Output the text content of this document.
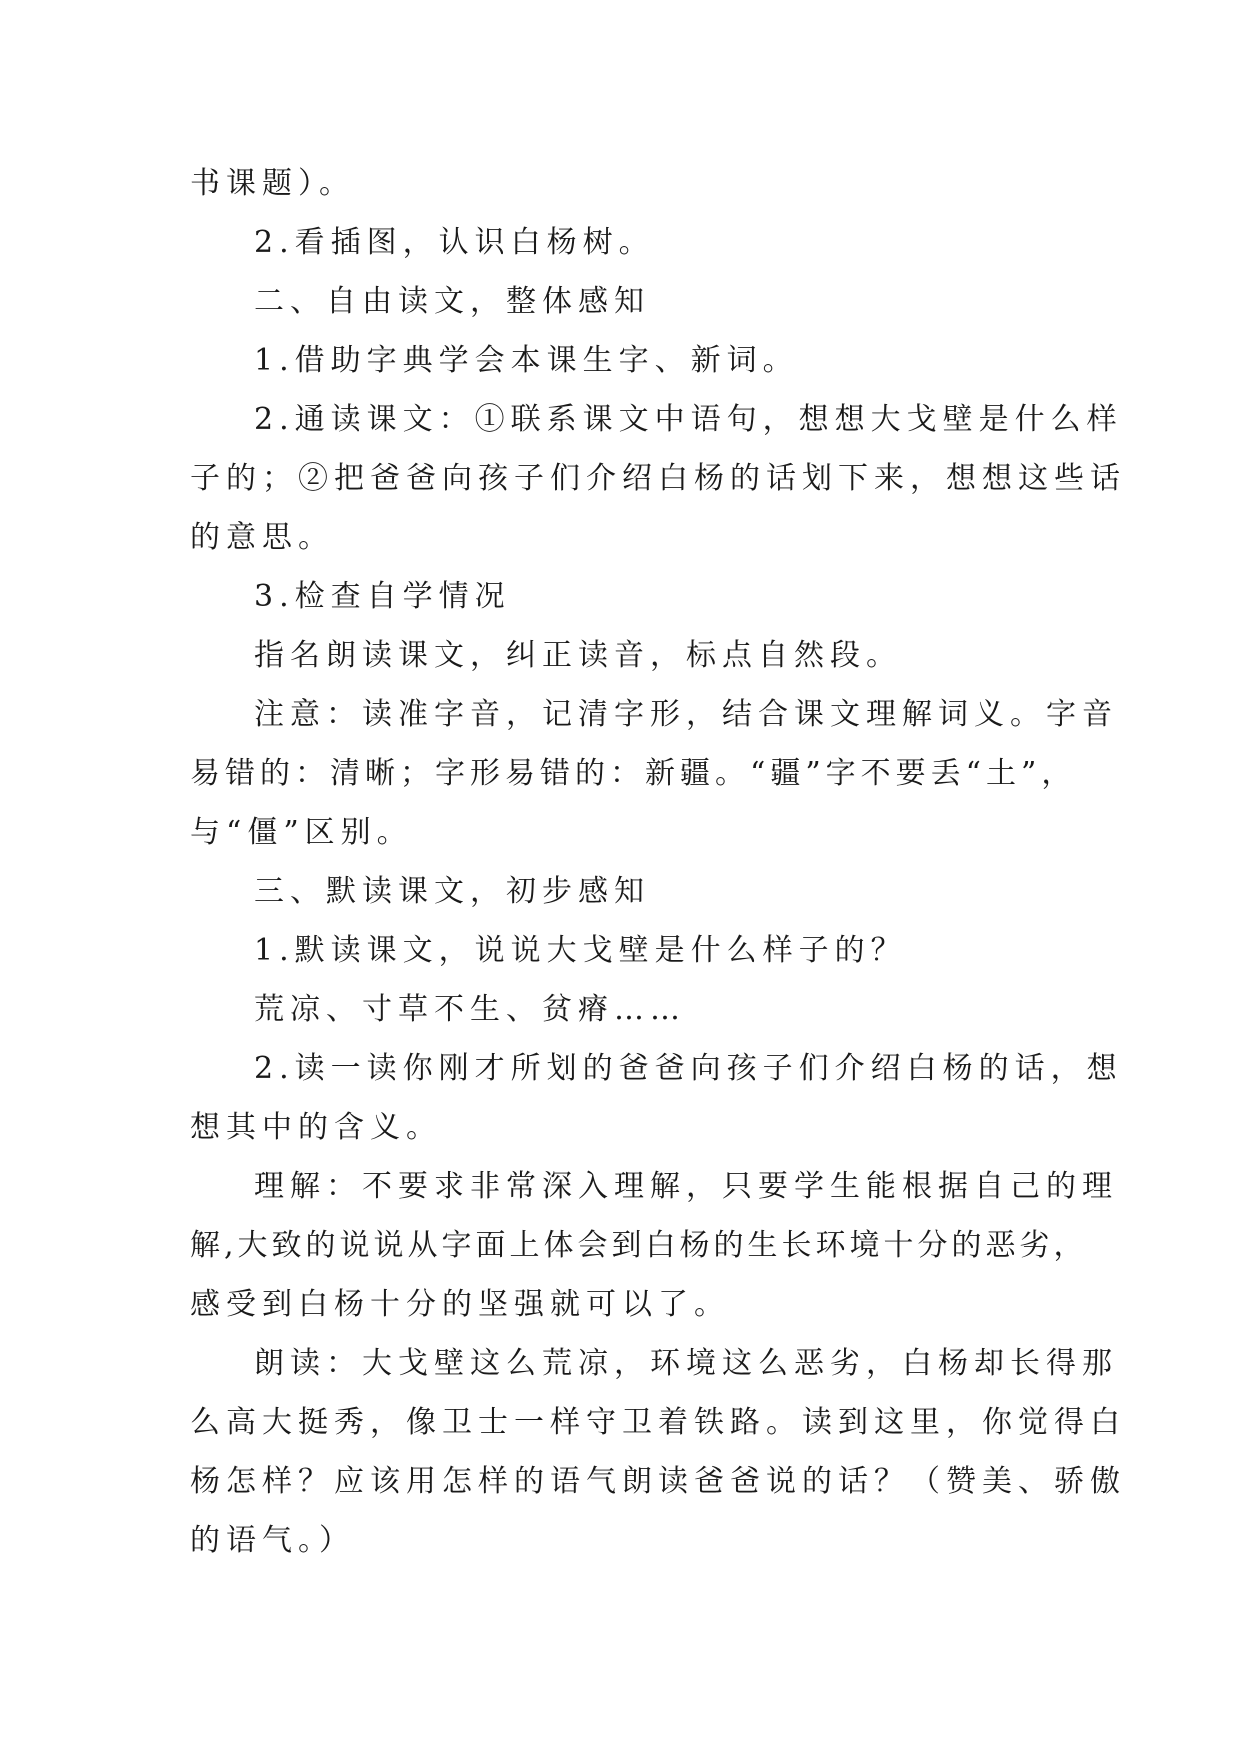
书课题）。
2.看插图，认识白杨树。
二、自由读文，整体感知
1.借助字典学会本课生字、新词。
2.通读课文：①联系课文中语句，想想大戈壁是什么样
子的；②把爸爸向孩子们介绍白杨的话划下来，想想这些话
的意思。
3.检查自学情况
指名朗读课文，纠正读音，标点自然段。
注意：读准字音，记清字形，结合课文理解词义。字音
易错的：清晰；字形易错的：新疆。“疆”字不要丢“土”，
与“僵”区别。
三、默读课文，初步感知
1.默读课文，说说大戈壁是什么样子的？
荒凉、寸草不生、贫瘠……
2.读一读你刚才所划的爸爸向孩子们介绍白杨的话，想
想其中的含义。
理解：不要求非常深入理解，只要学生能根据自己的理
解,大致的说说从字面上体会到白杨的生长环境十分的恶劣，
感受到白杨十分的坚强就可以了。
朗读：大戈壁这么荒凉，环境这么恶劣，白杨却长得那
么高大挺秀，像卫士一样守卫着铁路。读到这里，你觉得白
杨怎样？应该用怎样的语气朗读爸爸说的话？（赞美、骄傲
的语气。）
